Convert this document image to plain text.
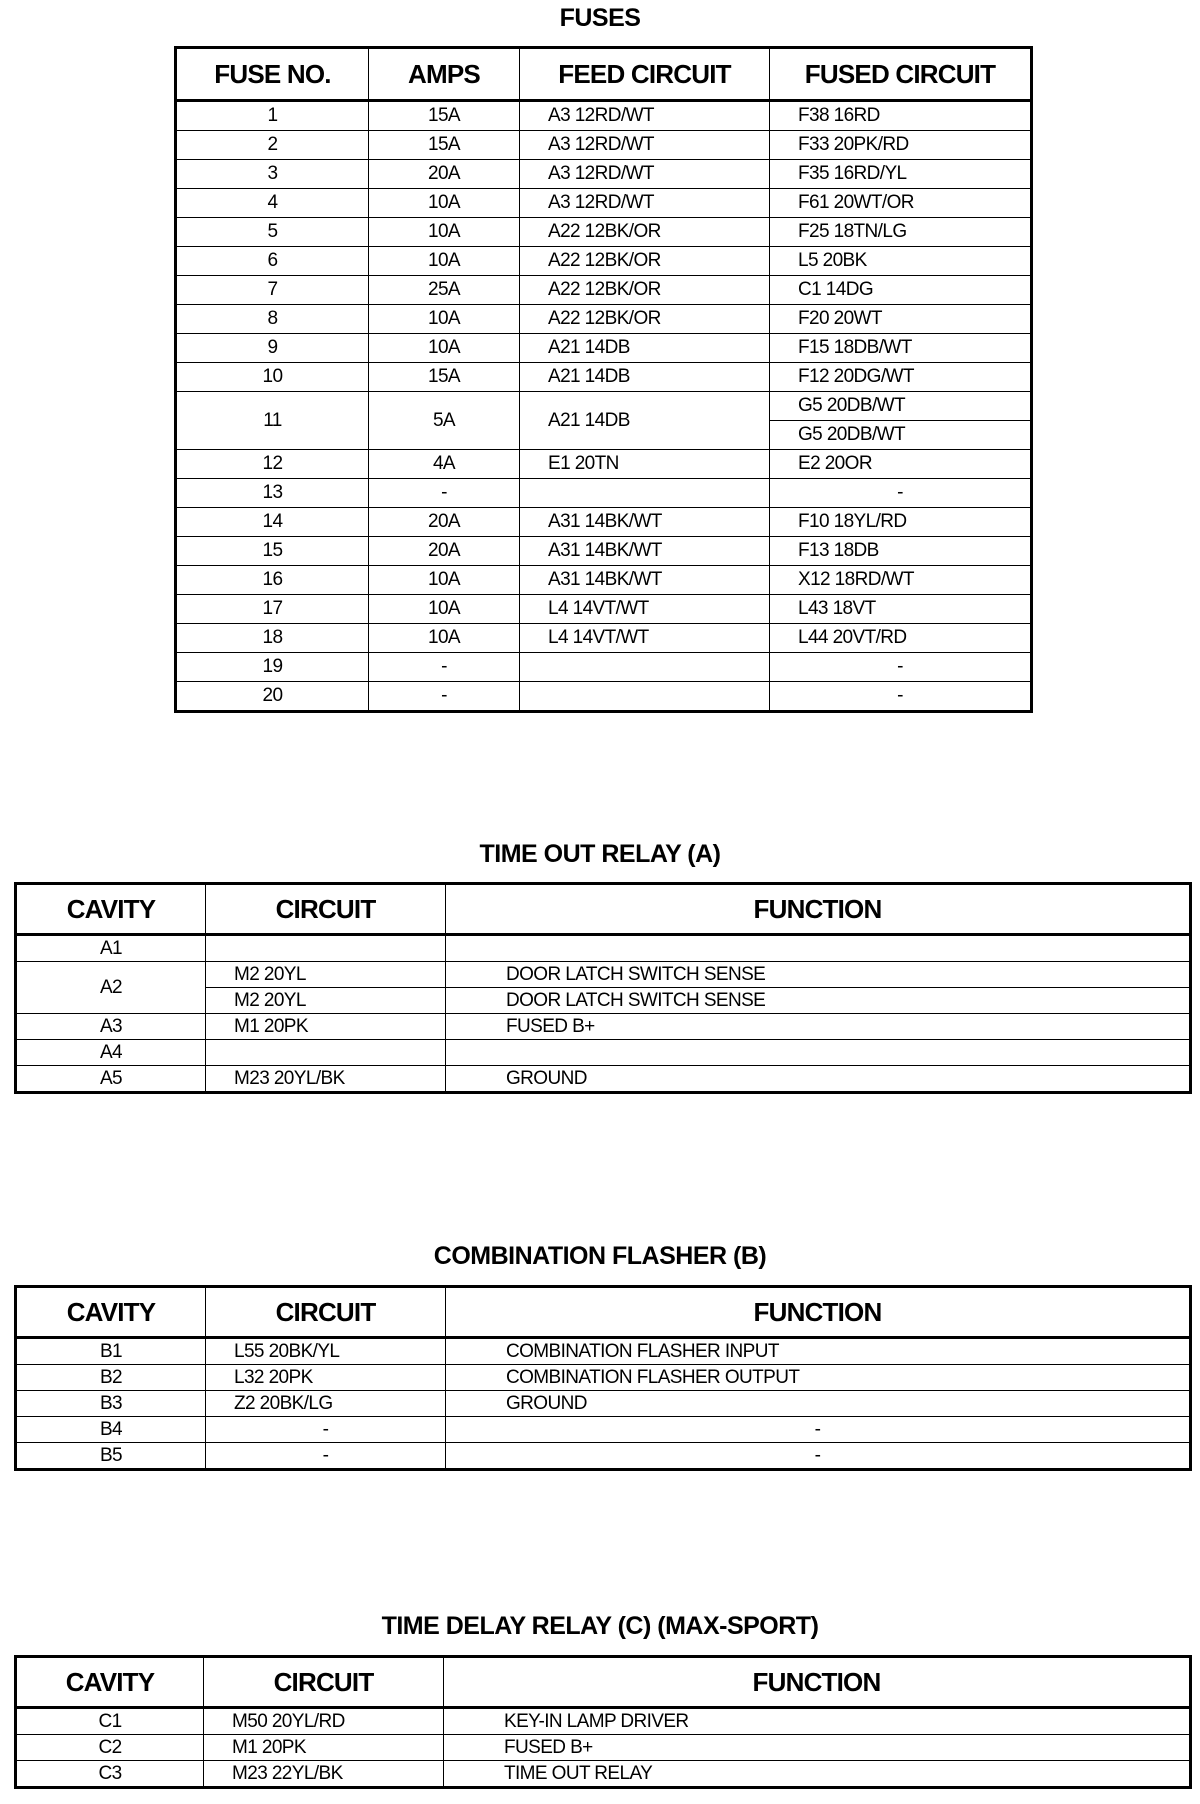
FUSES
FUSE NO.	AMPS	FEED CIRCUIT	FUSED CIRCUIT
1	15A	A3 12RD/WT	F38 16RD
2	15A	A3 12RD/WT	F33 20PK/RD
3	20A	A3 12RD/WT	F35 16RD/YL
4	10A	A3 12RD/WT	F61 20WT/OR
5	10A	A22 12BK/OR	F25 18TN/LG
6	10A	A22 12BK/OR	L5 20BK
7	25A	A22 12BK/OR	C1 14DG
8	10A	A22 12BK/OR	F20 20WT
9	10A	A21 14DB	F15 18DB/WT
10	15A	A21 14DB	F12 20DG/WT
11	5A	A21 14DB	G5 20DB/WT
			G5 20DB/WT
12	4A	E1 20TN	E2 20OR
13	-		-
14	20A	A31 14BK/WT	F10 18YL/RD
15	20A	A31 14BK/WT	F13 18DB
16	10A	A31 14BK/WT	X12 18RD/WT
17	10A	L4 14VT/WT	L43 18VT
18	10A	L4 14VT/WT	L44 20VT/RD
19	-		-
20	-		-
TIME OUT RELAY (A)
CAVITY	CIRCUIT	FUNCTION
A1		
A2	M2 20YL	DOOR LATCH SWITCH SENSE
	M2 20YL	DOOR LATCH SWITCH SENSE
A3	M1 20PK	FUSED B+
A4		
A5	M23 20YL/BK	GROUND
COMBINATION FLASHER (B)
CAVITY	CIRCUIT	FUNCTION
B1	L55 20BK/YL	COMBINATION FLASHER INPUT
B2	L32 20PK	COMBINATION FLASHER OUTPUT
B3	Z2 20BK/LG	GROUND
B4	-	-
B5	-	-
TIME DELAY RELAY (C) (MAX-SPORT)
CAVITY	CIRCUIT	FUNCTION
C1	M50 20YL/RD	KEY-IN LAMP DRIVER
C2	M1 20PK	FUSED B+
C3	M23 22YL/BK	TIME OUT RELAY
